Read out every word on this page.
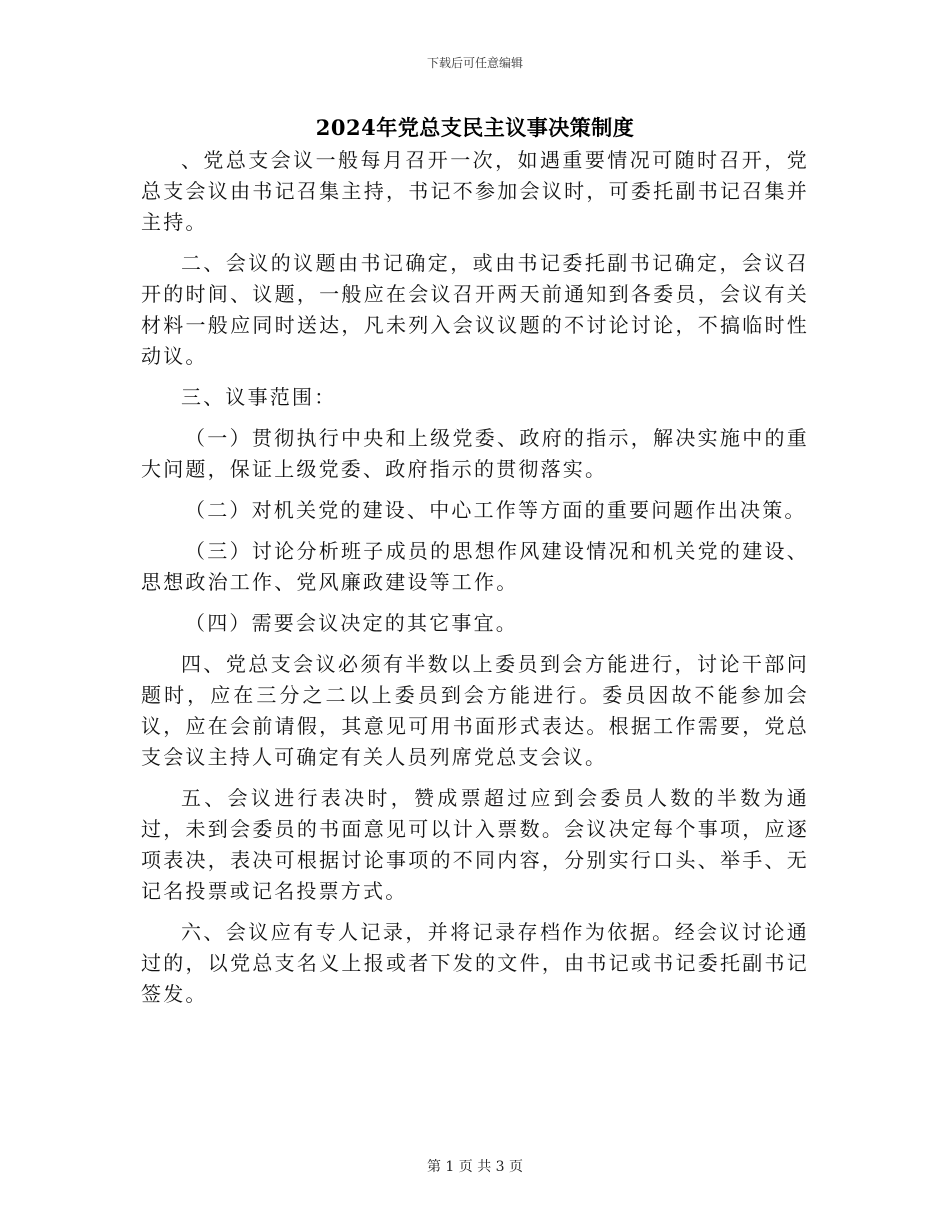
下载后可任意编辑
2024年党总支民主议事决策制度

、党总支会议一般每月召开一次，如遇重要情况可随时召开，党总支会议由书记召集主持，书记不参加会议时，可委托副书记召集并主持。

二、会议的议题由书记确定，或由书记委托副书记确定，会议召开的时间、议题，一般应在会议召开两天前通知到各委员，会议有关材料一般应同时送达，凡未列入会议议题的不讨论讨论，不搞临时性动议。

三、议事范围：

（一）贯彻执行中央和上级党委、政府的指示，解决实施中的重大问题，保证上级党委、政府指示的贯彻落实。

（二）对机关党的建设、中心工作等方面的重要问题作出决策。

（三）讨论分析班子成员的思想作风建设情况和机关党的建设、思想政治工作、党风廉政建设等工作。

（四）需要会议决定的其它事宜。

四、党总支会议必须有半数以上委员到会方能进行，讨论干部问题时，应在三分之二以上委员到会方能进行。委员因故不能参加会议，应在会前请假，其意见可用书面形式表达。根据工作需要，党总支会议主持人可确定有关人员列席党总支会议。

五、会议进行表决时，赞成票超过应到会委员人数的半数为通过，未到会委员的书面意见可以计入票数。会议决定每个事项，应逐项表决，表决可根据讨论事项的不同内容，分别实行口头、举手、无记名投票或记名投票方式。

六、会议应有专人记录，并将记录存档作为依据。经会议讨论通过的，以党总支名义上报或者下发的文件，由书记或书记委托副书记签发。

第 1 页 共 3 页
